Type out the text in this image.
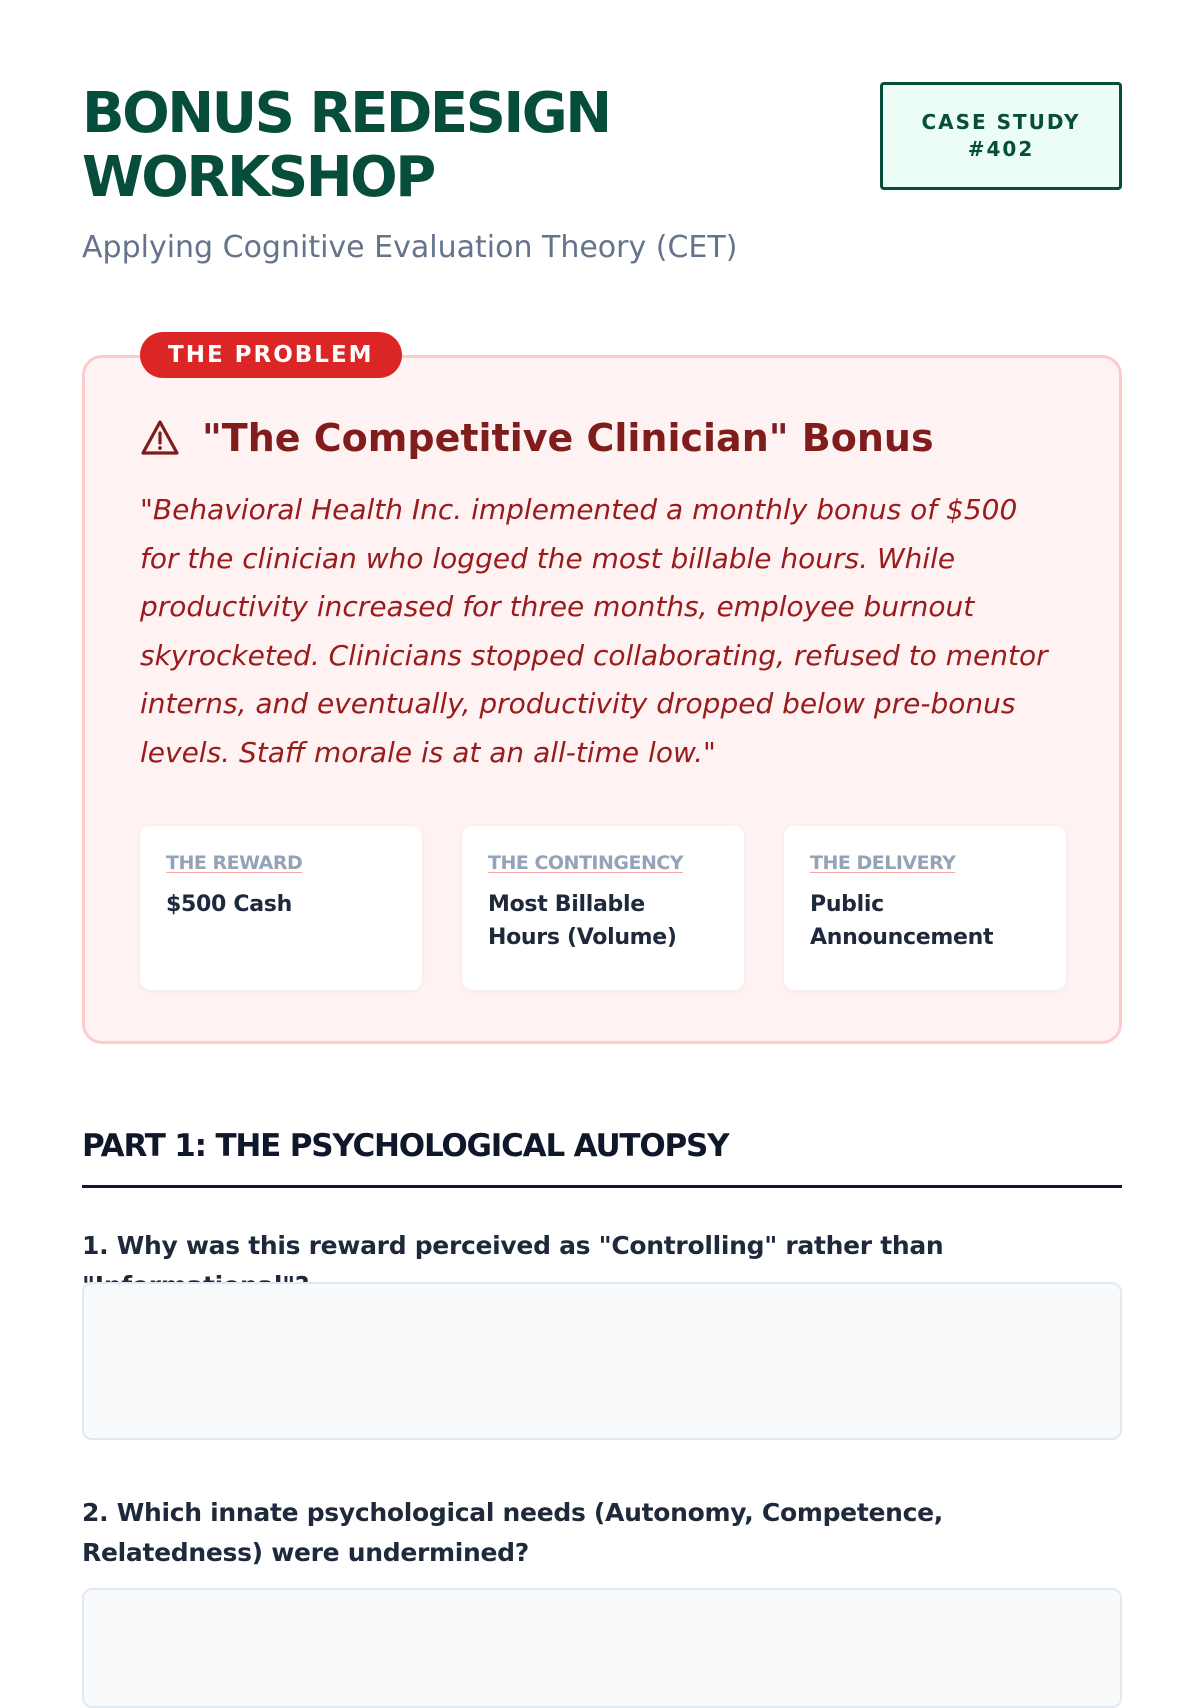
BONUS REDESIGN WORKSHOP

Applying Cognitive Evaluation Theory (CET)

CASE STUDY #402
THE PROBLEM
"The Competitive Clinician" Bonus

"Behavioral Health Inc. implemented a monthly bonus of $500 for the clinician who logged the most billable hours. While productivity increased for three months, employee burnout skyrocketed. Clinicians stopped collaborating, refused to mentor interns, and eventually, productivity dropped below pre-bonus levels. Staff morale is at an all-time low."

THE REWARD

$500 Cash

THE CONTINGENCY

Most Billable Hours (Volume)

THE DELIVERY

Public Announcement

PART 1: THE PSYCHOLOGICAL AUTOPSY

1. Why was this reward perceived as "Controlling" rather than

2. Which innate psychological needs (Autonomy, Competence, Relatedness) were undermined?
